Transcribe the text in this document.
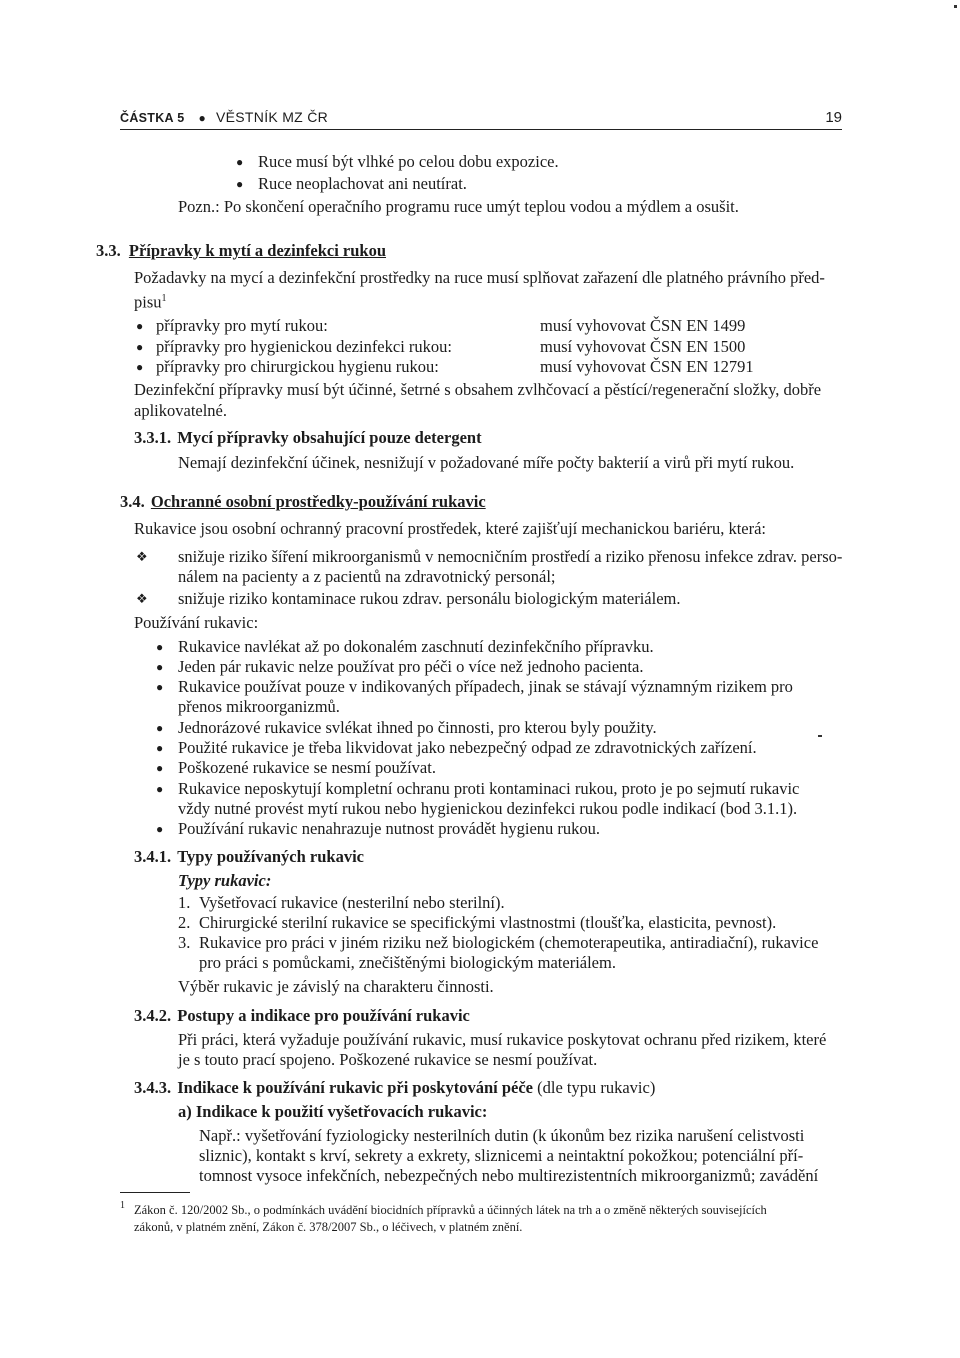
ČÁSTKA 5 ● VĚSTNÍK MZ ČR	19
● Ruce musí být vlhké po celou dobu expozice.
● Ruce neoplachovat ani neutírat.
Pozn.: Po skončení operačního programu ruce umýt teplou vodou a mýdlem a osušit.
3.3. Přípravky k mytí a dezinfekci rukou
Požadavky na mycí a dezinfekční prostředky na ruce musí splňovat zařazení dle platného právního před-
pisu$^1$
● přípravky pro mytí rukou:	musí vyhovovat ČSN EN 1499
● přípravky pro hygienickou dezinfekci rukou:	musí vyhovovat ČSN EN 1500
● přípravky pro chirurgickou hygienu rukou:	musí vyhovovat ČSN EN 12791
Dezinfekční přípravky musí být účinné, šetrné s obsahem zvlhčovací a pěstící/regenerační složky, dobře
aplikovatelné.
3.3.1. Mycí přípravky obsahující pouze detergent
Nemají dezinfekční účinek, nesnižují v požadované míře počty bakterií a virů při mytí rukou.
3.4. Ochranné osobní prostředky-používání rukavic
Rukavice jsou osobní ochranný pracovní prostředek, které zajišťují mechanickou bariéru, která:
❖ snižuje riziko šíření mikroorganismů v nemocničním prostředí a riziko přenosu infekce zdrav. perso-
nálem na pacienty a z pacientů na zdravotnický personál;
❖ snižuje riziko kontaminace rukou zdrav. personálu biologickým materiálem.
Používání rukavic:
● Rukavice navlékat až po dokonalém zaschnutí dezinfekčního přípravku.
● Jeden pár rukavic nelze používat pro péči o více než jednoho pacienta.
● Rukavice používat pouze v indikovaných případech, jinak se stávají významným rizikem pro
přenos mikroorganizmů.
● Jednorázové rukavice svlékat ihned po činnosti, pro kterou byly použity.
● Použité rukavice je třeba likvidovat jako nebezpečný odpad ze zdravotnických zařízení.
● Poškozené rukavice se nesmí používat.
● Rukavice neposkytují kompletní ochranu proti kontaminaci rukou, proto je po sejmutí rukavic
vždy nutné provést mytí rukou nebo hygienickou dezinfekci rukou podle indikací (bod 3.1.1).
● Používání rukavic nenahrazuje nutnost provádět hygienu rukou.
3.4.1. Typy používaných rukavic
Typy rukavic:
1. Vyšetřovací rukavice (nesterilní nebo sterilní).
2. Chirurgické sterilní rukavice se specifickými vlastnostmi (tloušťka, elasticita, pevnost).
3. Rukavice pro práci v jiném riziku než biologickém (chemoterapeutika, antiradiační), rukavice
pro práci s pomůckami, znečištěnými biologickým materiálem.
Výběr rukavic je závislý na charakteru činnosti.
3.4.2. Postupy a indikace pro používání rukavic
Při práci, která vyžaduje používání rukavic, musí rukavice poskytovat ochranu před rizikem, které
je s touto prací spojeno. Poškozené rukavice se nesmí používat.
3.4.3. Indikace k používání rukavic při poskytování péče (dle typu rukavic)
a) Indikace k použití vyšetřovacích rukavic:
Např.: vyšetřování fyziologicky nesterilních dutin (k úkonům bez rizika narušení celistvosti
sliznic), kontakt s krví, sekrety a exkrety, sliznicemi a neintaktní pokožkou; potenciální pří-
tomnost vysoce infekčních, nebezpečných nebo multirezistentních mikroorganizmů; zavádění
1 Zákon č. 120/2002 Sb., o podmínkách uvádění biocidních přípravků a účinných látek na trh a o změně některých souvisejících
zákonů, v platném znění, Zákon č. 378/2007 Sb., o léčivech, v platném znění.
